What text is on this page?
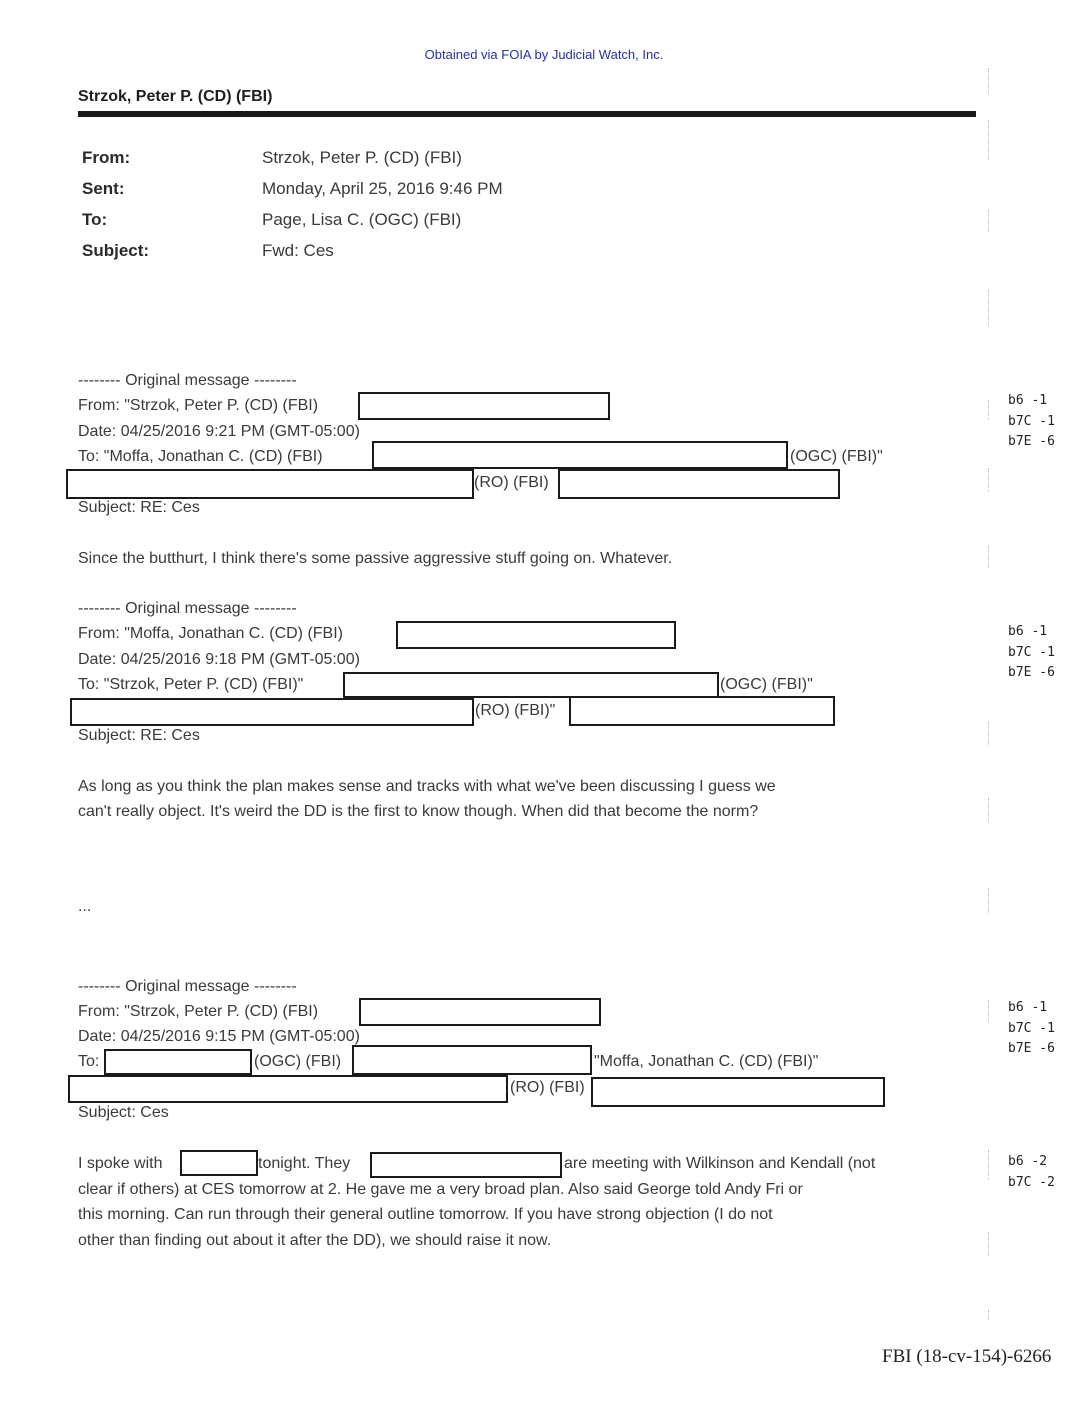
Obtained via FOIA by Judicial Watch, Inc.
Strzok, Peter P. (CD) (FBI)
From:	Strzok, Peter P. (CD) (FBI)
Sent:	Monday, April 25, 2016 9:46 PM
To:	Page, Lisa C. (OGC) (FBI)
Subject:	Fwd: Ces
-------- Original message --------
From: "Strzok, Peter P. (CD) (FBI)
Date: 04/25/2016 9:21 PM (GMT-05:00)
To: "Moffa, Jonathan C. (CD) (FBI)	(OGC) (FBI)"
(RO) (FBI)
Subject: RE: Ces
Since the butthurt, I think there's some passive aggressive stuff going on. Whatever.
-------- Original message --------
From: "Moffa, Jonathan C. (CD) (FBI)
Date: 04/25/2016 9:18 PM (GMT-05:00)
To: "Strzok, Peter P. (CD) (FBI)"	(OGC) (FBI)"
(RO) (FBI)"
Subject: RE: Ces
As long as you think the plan makes sense and tracks with what we've been discussing I guess we
can't really object. It's weird the DD is the first to know though. When did that become the norm?
...
-------- Original message --------
From: "Strzok, Peter P. (CD) (FBI)
Date: 04/25/2016 9:15 PM (GMT-05:00)
To:	(OGC) (FBI)	"Moffa, Jonathan C. (CD) (FBI)"
(RO) (FBI)
Subject: Ces
I spoke with	tonight. They	are meeting with Wilkinson and Kendall (not
clear if others) at CES tomorrow at 2. He gave me a very broad plan. Also said George told Andy Fri or
this morning. Can run through their general outline tomorrow. If you have strong objection (I do not
other than finding out about it after the DD), we should raise it now.
b6 -1
b7C -1
b7E -6
b6 -1
b7C -1
b7E -6
b6 -1
b7C -1
b7E -6
b6 -2
b7C -2
FBI (18-cv-154)-6266
